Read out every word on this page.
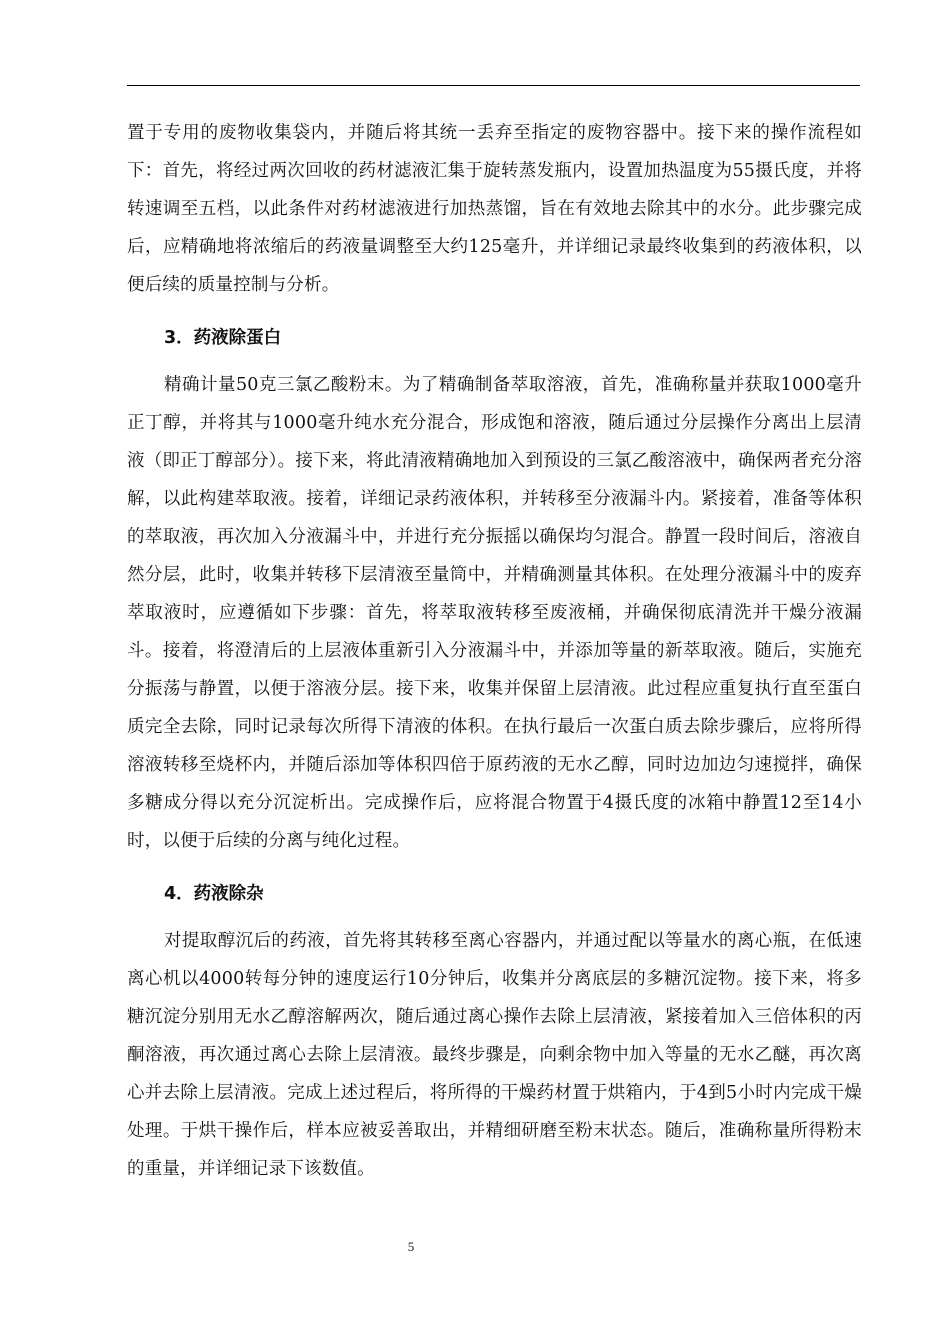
置于专用的废物收集袋内，并随后将其统一丢弃至指定的废物容器中。接下来的操作流程如下：首先，将经过两次回收的药材滤液汇集于旋转蒸发瓶内，设置加热温度为55摄氏度，并将转速调至五档，以此条件对药材滤液进行加热蒸馏，旨在有效地去除其中的水分。此步骤完成后，应精确地将浓缩后的药液量调整至大约125毫升，并详细记录最终收集到的药液体积，以便后续的质量控制与分析。

3．药液除蛋白

精确计量50克三氯乙酸粉末。为了精确制备萃取溶液，首先，准确称量并获取1000毫升正丁醇，并将其与1000毫升纯水充分混合，形成饱和溶液，随后通过分层操作分离出上层清液（即正丁醇部分）。接下来，将此清液精确地加入到预设的三氯乙酸溶液中，确保两者充分溶解，以此构建萃取液。接着，详细记录药液体积，并转移至分液漏斗内。紧接着，准备等体积的萃取液，再次加入分液漏斗中，并进行充分振摇以确保均匀混合。静置一段时间后，溶液自然分层，此时，收集并转移下层清液至量筒中，并精确测量其体积。在处理分液漏斗中的废弃萃取液时，应遵循如下步骤：首先，将萃取液转移至废液桶，并确保彻底清洗并干燥分液漏斗。接着，将澄清后的上层液体重新引入分液漏斗中，并添加等量的新萃取液。随后，实施充分振荡与静置，以便于溶液分层。接下来，收集并保留上层清液。此过程应重复执行直至蛋白质完全去除，同时记录每次所得下清液的体积。在执行最后一次蛋白质去除步骤后，应将所得溶液转移至烧杯内，并随后添加等体积四倍于原药液的无水乙醇，同时边加边匀速搅拌，确保多糖成分得以充分沉淀析出。完成操作后，应将混合物置于4摄氏度的冰箱中静置12至14小时，以便于后续的分离与纯化过程。

4．药液除杂

对提取醇沉后的药液，首先将其转移至离心容器内，并通过配以等量水的离心瓶，在低速离心机以4000转每分钟的速度运行10分钟后，收集并分离底层的多糖沉淀物。接下来，将多糖沉淀分别用无水乙醇溶解两次，随后通过离心操作去除上层清液，紧接着加入三倍体积的丙酮溶液，再次通过离心去除上层清液。最终步骤是，向剩余物中加入等量的无水乙醚，再次离心并去除上层清液。完成上述过程后，将所得的干燥药材置于烘箱内，于4到5小时内完成干燥处理。于烘干操作后，样本应被妥善取出，并精细研磨至粉末状态。随后，准确称量所得粉末的重量，并详细记录下该数值。

5
